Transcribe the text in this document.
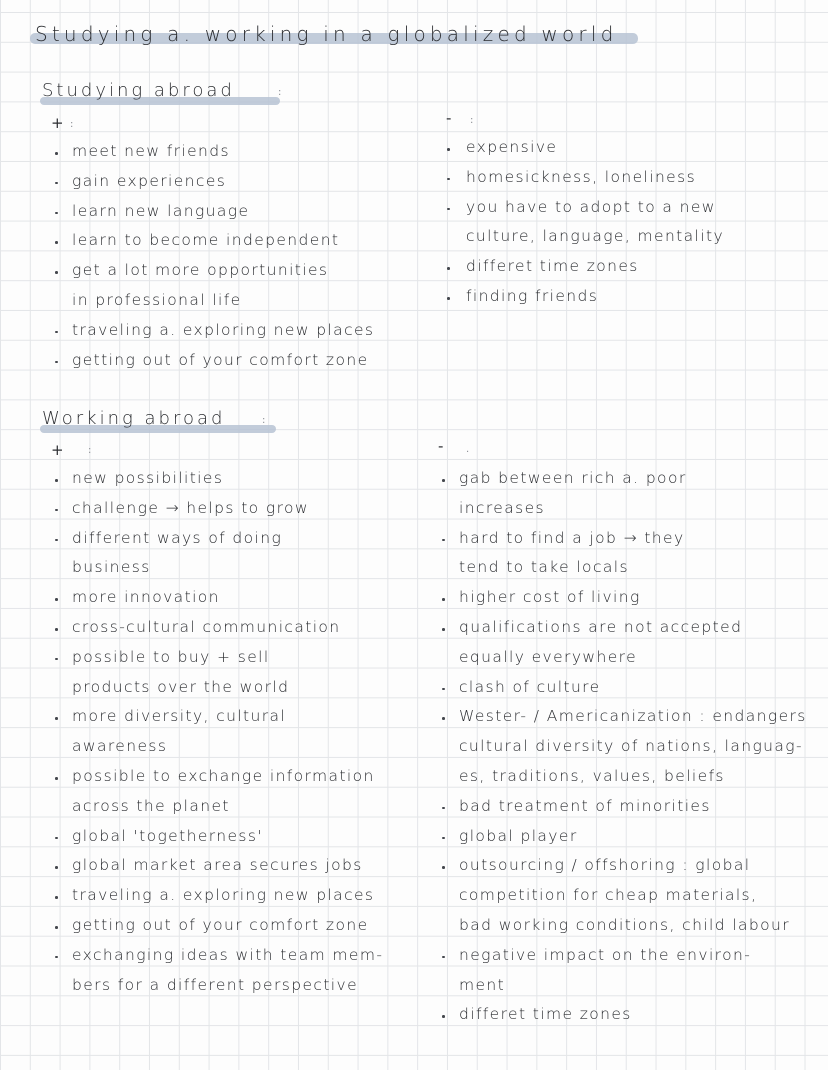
Studying a. working in a globalized world
Studying abroad	:
+ :	- :
Working abroad	:
+ :	- .
meet new friends
gain experiences
learn new language
learn to become independent
get a lot more opportunities
in professional life
traveling a. exploring new places
getting out of your comfort zone
expensive
homesickness, loneliness
you have to adopt to a new
culture, language, mentality
differet time zones
finding friends
new possibilities
challenge → helps to grow
different ways of doing
business
more innovation
cross-cultural communication
possible to buy + sell
products over the world
more diversity, cultural
awareness
possible to exchange information
across the planet
global 'togetherness'
global market area secures jobs
traveling a. exploring new places
getting out of your comfort zone
exchanging ideas with team mem-
bers for a different perspective
gab between rich a. poor
increases
hard to find a job → they
tend to take locals
higher cost of living
qualifications are not accepted
equally everywhere
clash of culture
Wester- / Americanization : endangers
cultural diversity of nations, languag-
es, traditions, values, beliefs
bad treatment of minorities
global player
outsourcing / offshoring : global
competition for cheap materials,
bad working conditions, child labour
negative impact on the environ-
ment
differet time zones
